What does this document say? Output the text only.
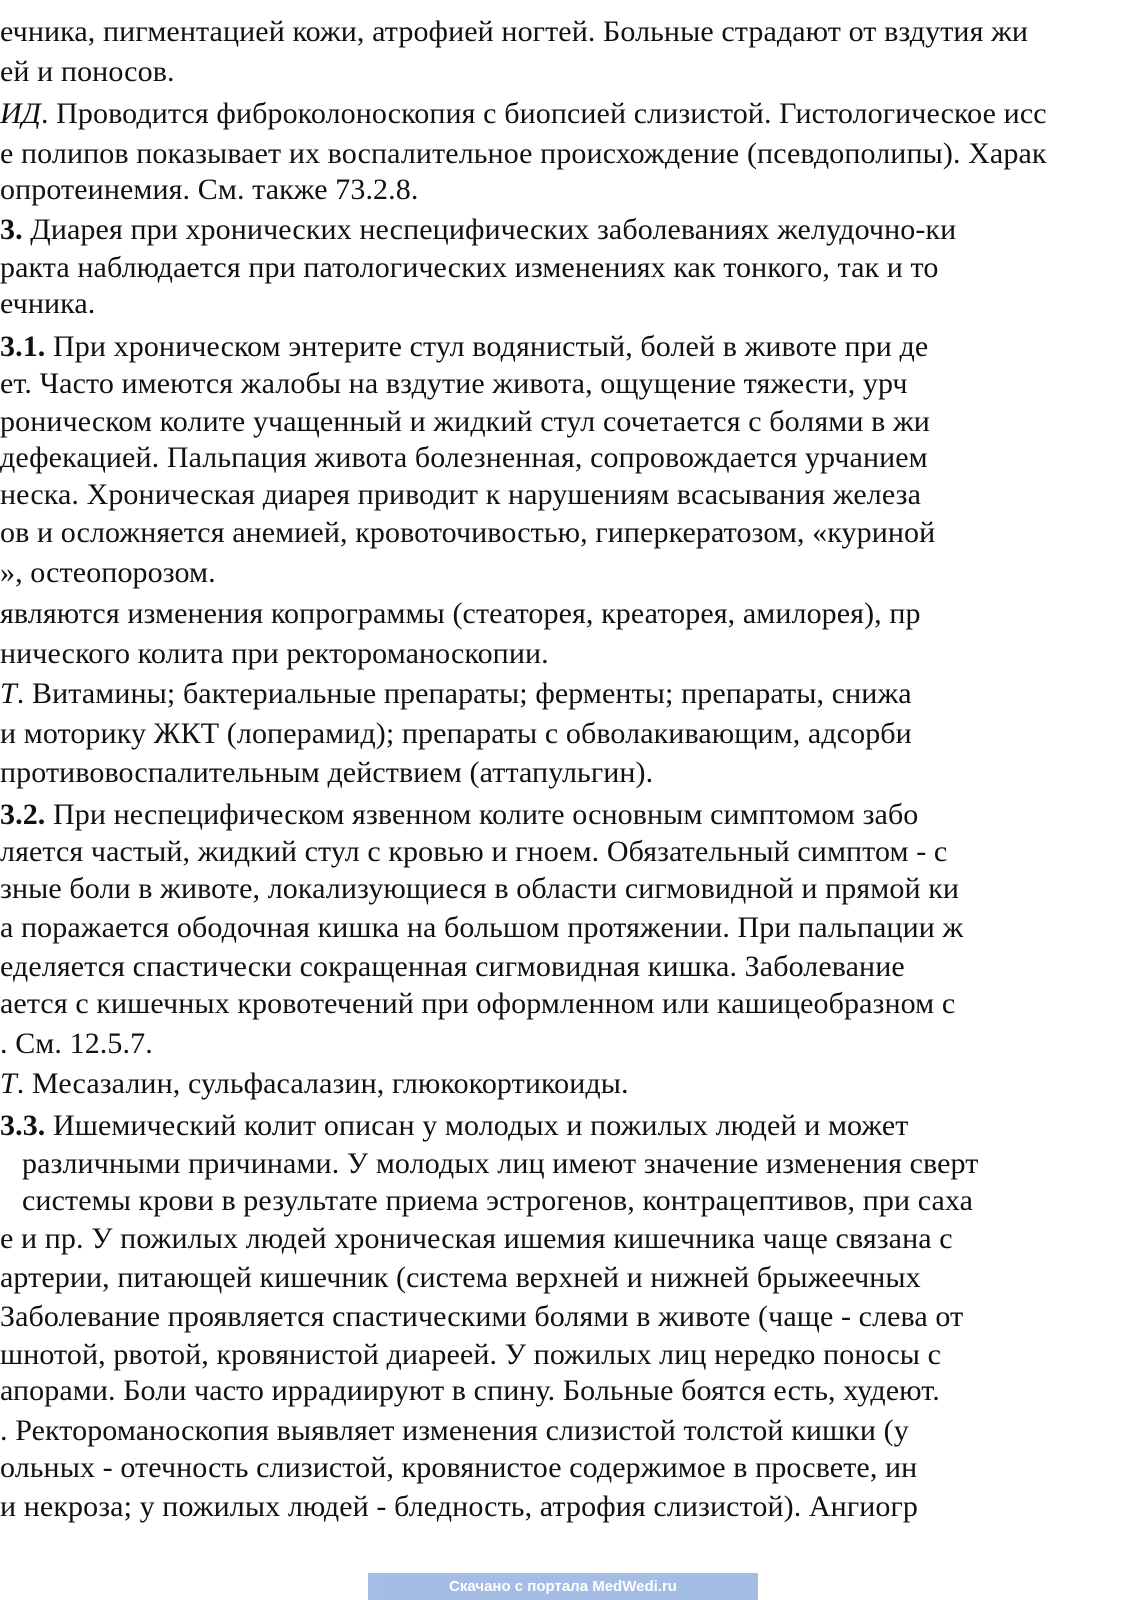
ечника, пигментацией кожи, атрофией ногтей. Больные страдают от вздутия жи
ей и поносов.
ИД. Проводится фиброколоноскопия с биопсией слизистой. Гистологическое исс
е полипов показывает их воспалительное происхождение (псевдополипы). Харак
опротеинемия. См. также 73.2.8.
3. Диарея при хронических неспецифических заболеваниях желудочно-ки
ракта наблюдается при патологических изменениях как тонкого, так и то
ечника.
3.1. При хроническом энтерите стул водянистый, болей в животе при де
ет. Часто имеются жалобы на вздутие живота, ощущение тяжести, урч
роническом колите учащенный и жидкий стул сочетается с болями в жи
дефекацией. Пальпация живота болезненная, сопровождается урчанием
неска. Хроническая диарея приводит к нарушениям всасывания железа
ов и осложняется анемией, кровоточивостью, гиперкератозом, «куриной
», остеопорозом.
являются изменения копрограммы (стеаторея, креаторея, амилорея), пр
нического колита при ректороманоскопии.
Т. Витамины; бактериальные препараты; ферменты; препараты, снижа
и моторику ЖКТ (лоперамид); препараты с обволакивающим, адсорби
противовоспалительным действием (аттапульгин).
3.2. При неспецифическом язвенном колите основным симптомом забо
ляется частый, жидкий стул с кровью и гноем. Обязательный симптом - с
зные боли в животе, локализующиеся в области сигмовидной и прямой ки
а поражается ободочная кишка на большом протяжении. При пальпации ж
еделяется спастически сокращенная сигмовидная кишка. Заболевание
ается с кишечных кровотечений при оформленном или кашицеобразном с
. См. 12.5.7.
Т. Месазалин, сульфасалазин, глюкокортикоиды.
3.3. Ишемический колит описан у молодых и пожилых людей и может
различными причинами. У молодых лиц имеют значение изменения сверт
системы крови в результате приема эстрогенов, контрацептивов, при саха
е и пр. У пожилых людей хроническая ишемия кишечника чаще связана с
артерии, питающей кишечник (система верхней и нижней брыжеечных
Заболевание проявляется спастическими болями в животе (чаще - слева от
шнотой, рвотой, кровянистой диареей. У пожилых лиц нередко поносы с
апорами. Боли часто иррадиируют в спину. Больные боятся есть, худеют.
. Ректороманоскопия выявляет изменения слизистой толстой кишки (у
ольных - отечность слизистой, кровянистое содержимое в просвете, ин
и некроза; у пожилых людей - бледность, атрофия слизистой). Ангиогр
Скачано с портала MedWedi.ru
